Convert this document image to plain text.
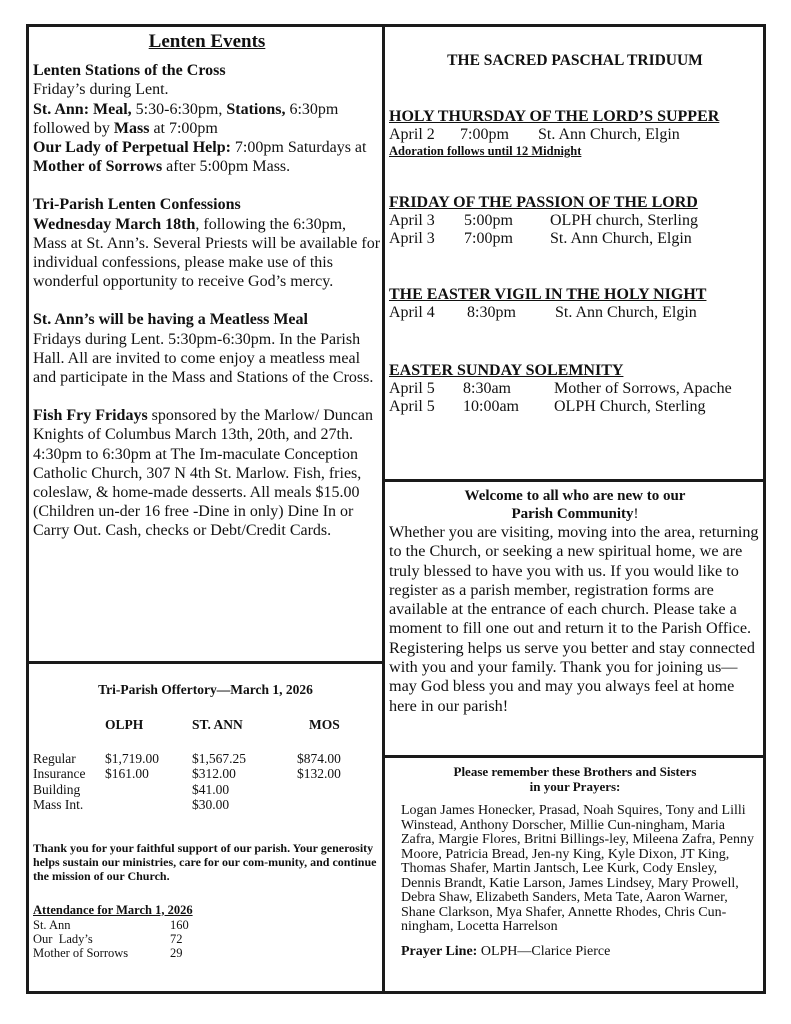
Lenten Events

Lenten Stations of the Cross
Friday’s during Lent.
St. Ann: Meal, 5:30-6:30pm, Stations, 6:30pm followed by Mass at 7:00pm
Our Lady of Perpetual Help: 7:00pm Saturdays at Mother of Sorrows after 5:00pm Mass.

Tri-Parish Lenten Confessions
Wednesday March 18th, following the 6:30pm, Mass at St. Ann’s. Several Priests will be available for individual confessions, please make use of this wonderful opportunity to receive God’s mercy.

St. Ann’s will be having a Meatless Meal
Fridays during Lent. 5:30pm-6:30pm. In the Parish Hall. All are invited to come enjoy a meatless meal and participate in the Mass and Stations of the Cross.

Fish Fry Fridays sponsored by the Marlow/ Duncan Knights of Columbus March 13th, 20th, and 27th. 4:30pm to 6:30pm at The Im-maculate Conception Catholic Church, 307 N 4th St. Marlow. Fish, fries, coleslaw, & home-made desserts. All meals $15.00 (Children un-der 16 free -Dine in only) Dine In or Carry Out. Cash, checks or Debt/Credit Cards.

Tri-Parish Offertory—March 1, 2026
	OLPH	ST. ANN	MOS
Regular	$1,719.00	$1,567.25	$874.00
Insurance	$161.00	$312.00	$132.00
Building		$41.00	
Mass Int.		$30.00	
Thank you for your faithful support of our parish. Your generosity helps sustain our ministries, care for our com-munity, and continue the mission of our Church.
Attendance for March 1, 2026
St. Ann	160
Our  Lady’s	72
Mother of Sorrows	29
THE SACRED PASCHAL TRIDUUM
HOLY THURSDAY OF THE LORD’S SUPPER
April 2	7:00pm	St. Ann Church, Elgin
Adoration follows until 12 Midnight
FRIDAY OF THE PASSION OF THE LORD
April 3	5:00pm	OLPH church, Sterling
April 3	7:00pm	St. Ann Church, Elgin
THE EASTER VIGIL IN THE HOLY NIGHT
April 4	8:30pm	St. Ann Church, Elgin
EASTER SUNDAY SOLEMNITY
April 5	8:30am	Mother of Sorrows, Apache
April 5	10:00am	OLPH Church, Sterling
Welcome to all who are new to our
Parish Community!
Whether you are visiting, moving into the area, returning to the Church, or seeking a new spiritual home, we are truly blessed to have you with us. If you would like to register as a parish member, registration forms are available at the entrance of each church. Please take a moment to fill one out and return it to the Parish Office. Registering helps us serve you better and stay connected with you and your family. Thank you for joining us—may God bless you and may you always feel at home here in our parish!
Please remember these Brothers and Sisters
in your Prayers:
Logan James Honecker, Prasad, Noah Squires, Tony and Lilli Winstead, Anthony Dorscher, Millie Cun-ningham, Maria Zafra, Margie Flores, Britni Billings-ley, Mileena Zafra, Penny Moore, Patricia Bread, Jen-ny King, Kyle Dixon, JT King, Thomas Shafer, Martin Jantsch, Lee Kurk, Cody Ensley, Dennis Brandt, Katie Larson, James Lindsey, Mary Prowell, Debra Shaw, Elizabeth Sanders, Meta Tate, Aaron Warner, Shane Clarkson, Mya Shafer, Annette Rhodes, Chris Cun-ningham, Locetta Harrelson
Prayer Line: OLPH—Clarice Pierce
